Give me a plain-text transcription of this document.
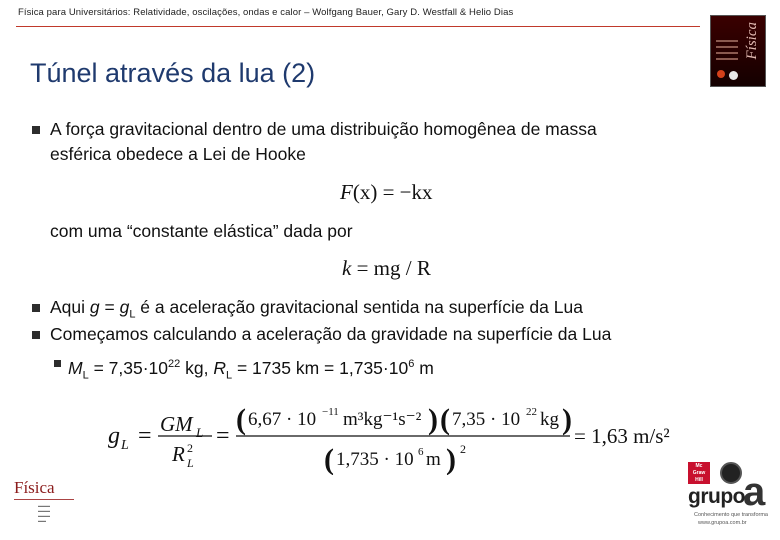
Física para Universitários: Relatividade, oscilações, ondas e calor – Wolfgang Bauer, Gary D. Westfall & Helio Dias
Física
Túnel através da lua (2)
A força gravitacional dentro de uma distribuição homogênea de massa
esférica obedece a Lei de Hooke
F(x) = −kx
com uma “constante elástica” dada por
k = mg / R
Aqui $g = g_L$ é a aceleração gravitacional sentida na superfície da Lua
Começamos calculando a aceleração da gravidade na superfície da Lua
$M_L = 7,35\cdot 10^{22}$ kg, $R_L = 1735$ km = $1,735\cdot 10^6$ m
g L = GM L
R 2
L
= ( 6,67 · 10 −11 m³kg⁻¹s⁻² ) ( 7,35 · 10 22 kg )
( 1,735 · 10 6 m ) 2
= 1,63 m/s²
Física
▬▬▬
▬▬▬
▬▬▬
▬▬
Mc
Graw
Hill
grupo
a
Conhecimento que transforma
www.grupoa.com.br
